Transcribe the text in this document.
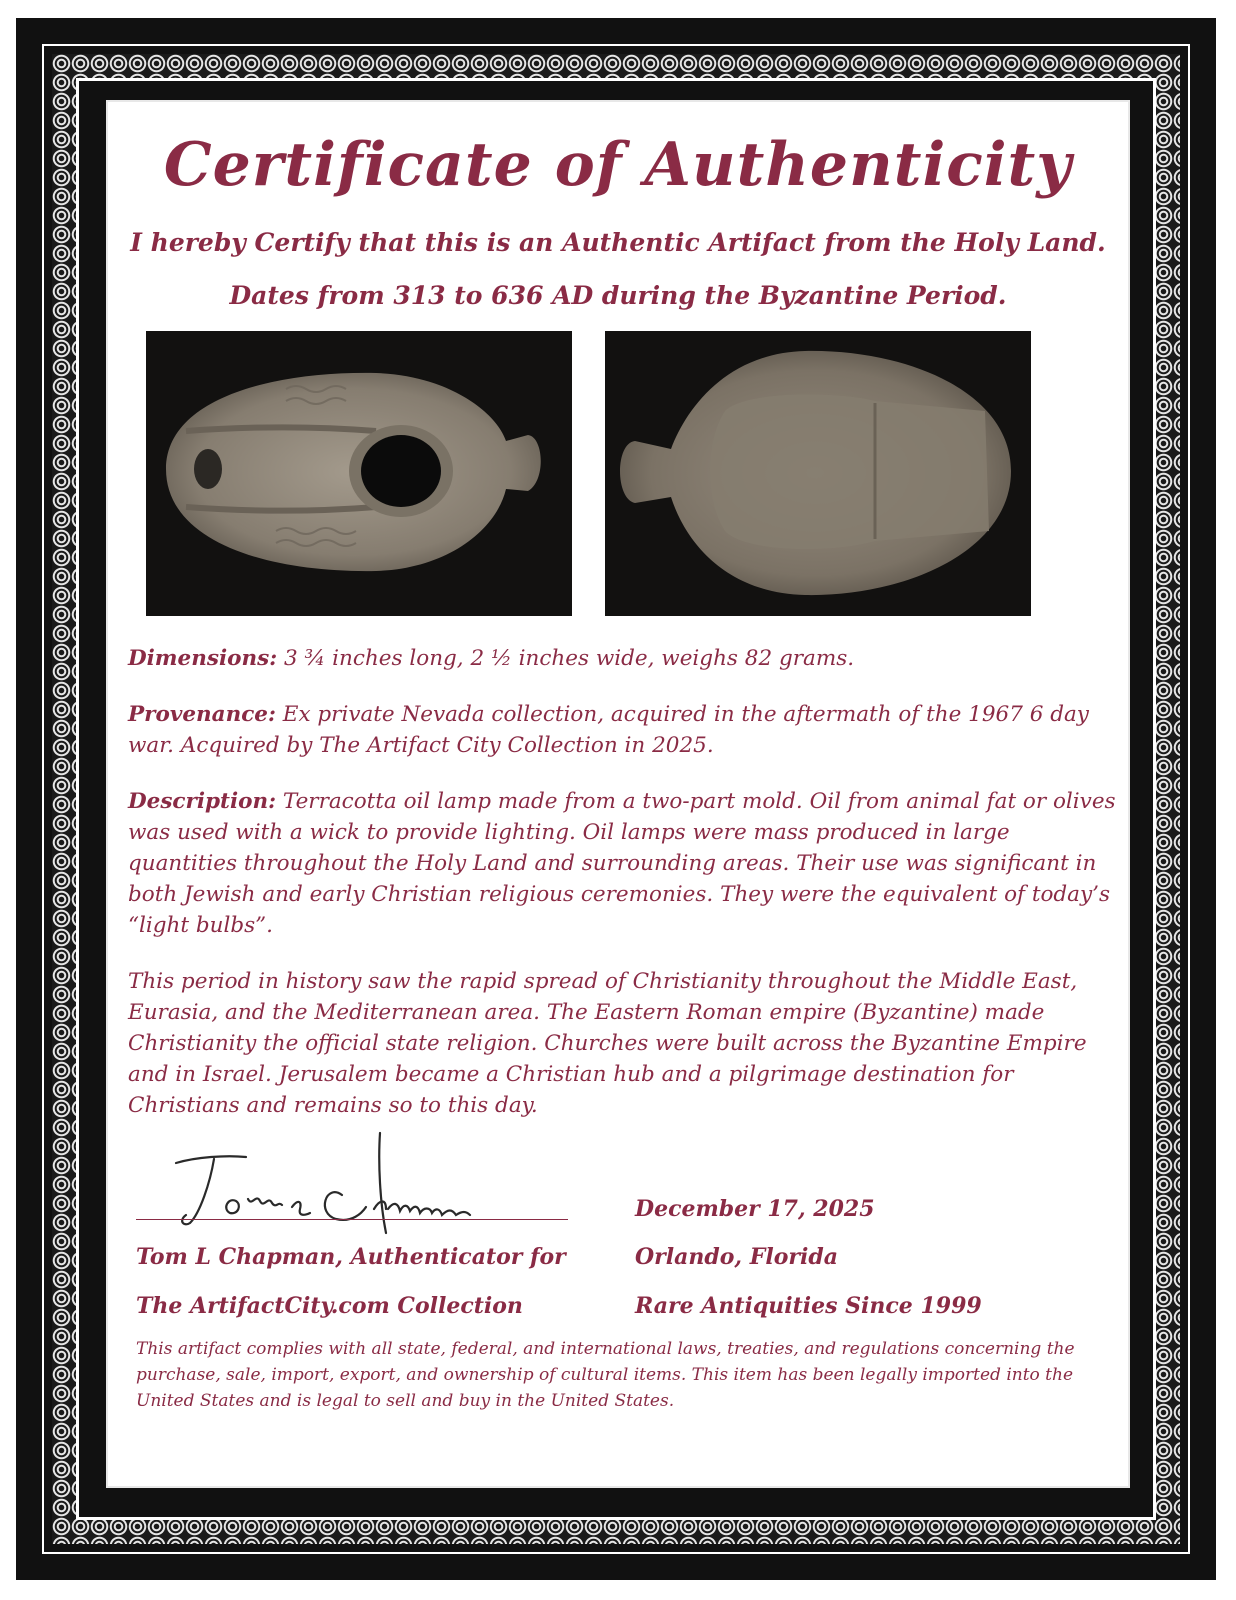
Certificate of Authenticity

I hereby Certify that this is an Authentic Artifact from the Holy Land.

Dates from 313 to 636 AD during the Byzantine Period.

Dimensions: 3 ¾ inches long, 2 ½ inches wide, weighs 82 grams.

Provenance: Ex private Nevada collection, acquired in the aftermath of the 1967 6 day war. Acquired by The Artifact City Collection in 2025.

Description: Terracotta oil lamp made from a two-part mold. Oil from animal fat or olives was used with a wick to provide lighting. Oil lamps were mass produced in large quantities throughout the Holy Land and surrounding areas. Their use was significant in both Jewish and early Christian religious ceremonies. They were the equivalent of today’s “light bulbs”.

This period in history saw the rapid spread of Christianity throughout the Middle East, Eurasia, and the Mediterranean area. The Eastern Roman empire (Byzantine) made Christianity the official state religion. Churches were built across the Byzantine Empire and in Israel. Jerusalem became a Christian hub and a pilgrimage destination for Christians and remains so to this day.

Tom L Chapman, Authenticator for

The ArtifactCity.com Collection

December 17, 2025

Orlando, Florida

Rare Antiquities Since 1999

This artifact complies with all state, federal, and international laws, treaties, and regulations concerning the purchase, sale, import, export, and ownership of cultural items. This item has been legally imported into the United States and is legal to sell and buy in the United States.
